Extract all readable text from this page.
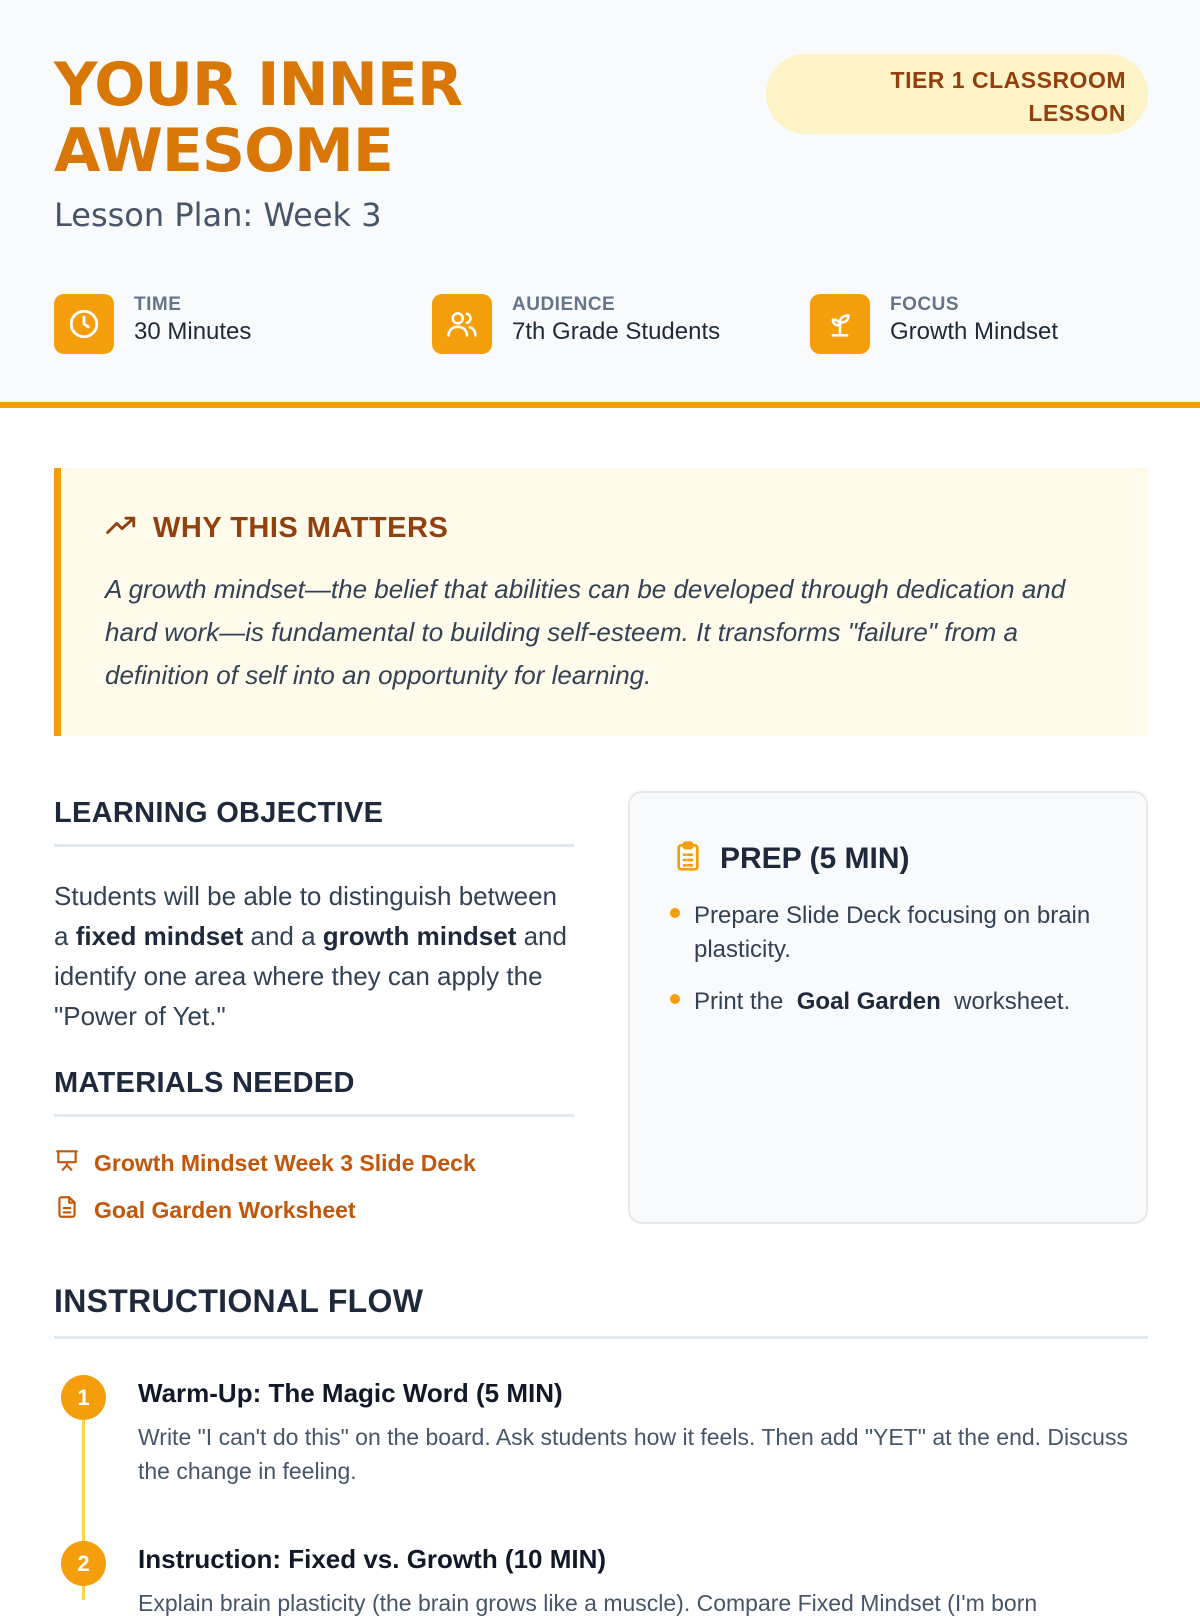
YOUR INNER
AWESOME
Lesson Plan: Week 3
TIER 1 CLASSROOM LESSON
TIME
30 Minutes
AUDIENCE
7th Grade Students
FOCUS
Growth Mindset
WHY THIS MATTERS
A growth mindset—the belief that abilities can be developed through dedication and hard work—is fundamental to building self-esteem. It transforms "failure" from a definition of self into an opportunity for learning.
LEARNING OBJECTIVE
Students will be able to distinguish between a fixed mindset and a growth mindset and identify one area where they can apply the "Power of Yet."
MATERIALS NEEDED
Growth Mindset Week 3 Slide Deck
Goal Garden Worksheet
PREP (5 MIN)
Prepare Slide Deck focusing on brain plasticity.
Print the Goal Garden worksheet.
INSTRUCTIONAL FLOW
1	Warm-Up: The Magic Word (5 MIN)
Write "I can't do this" on the board. Ask students how it feels. Then add "YET" at the end. Discuss the change in feeling.
2	Instruction: Fixed vs. Growth (10 MIN)
Explain brain plasticity (the brain grows like a muscle). Compare Fixed Mindset (I'm born
